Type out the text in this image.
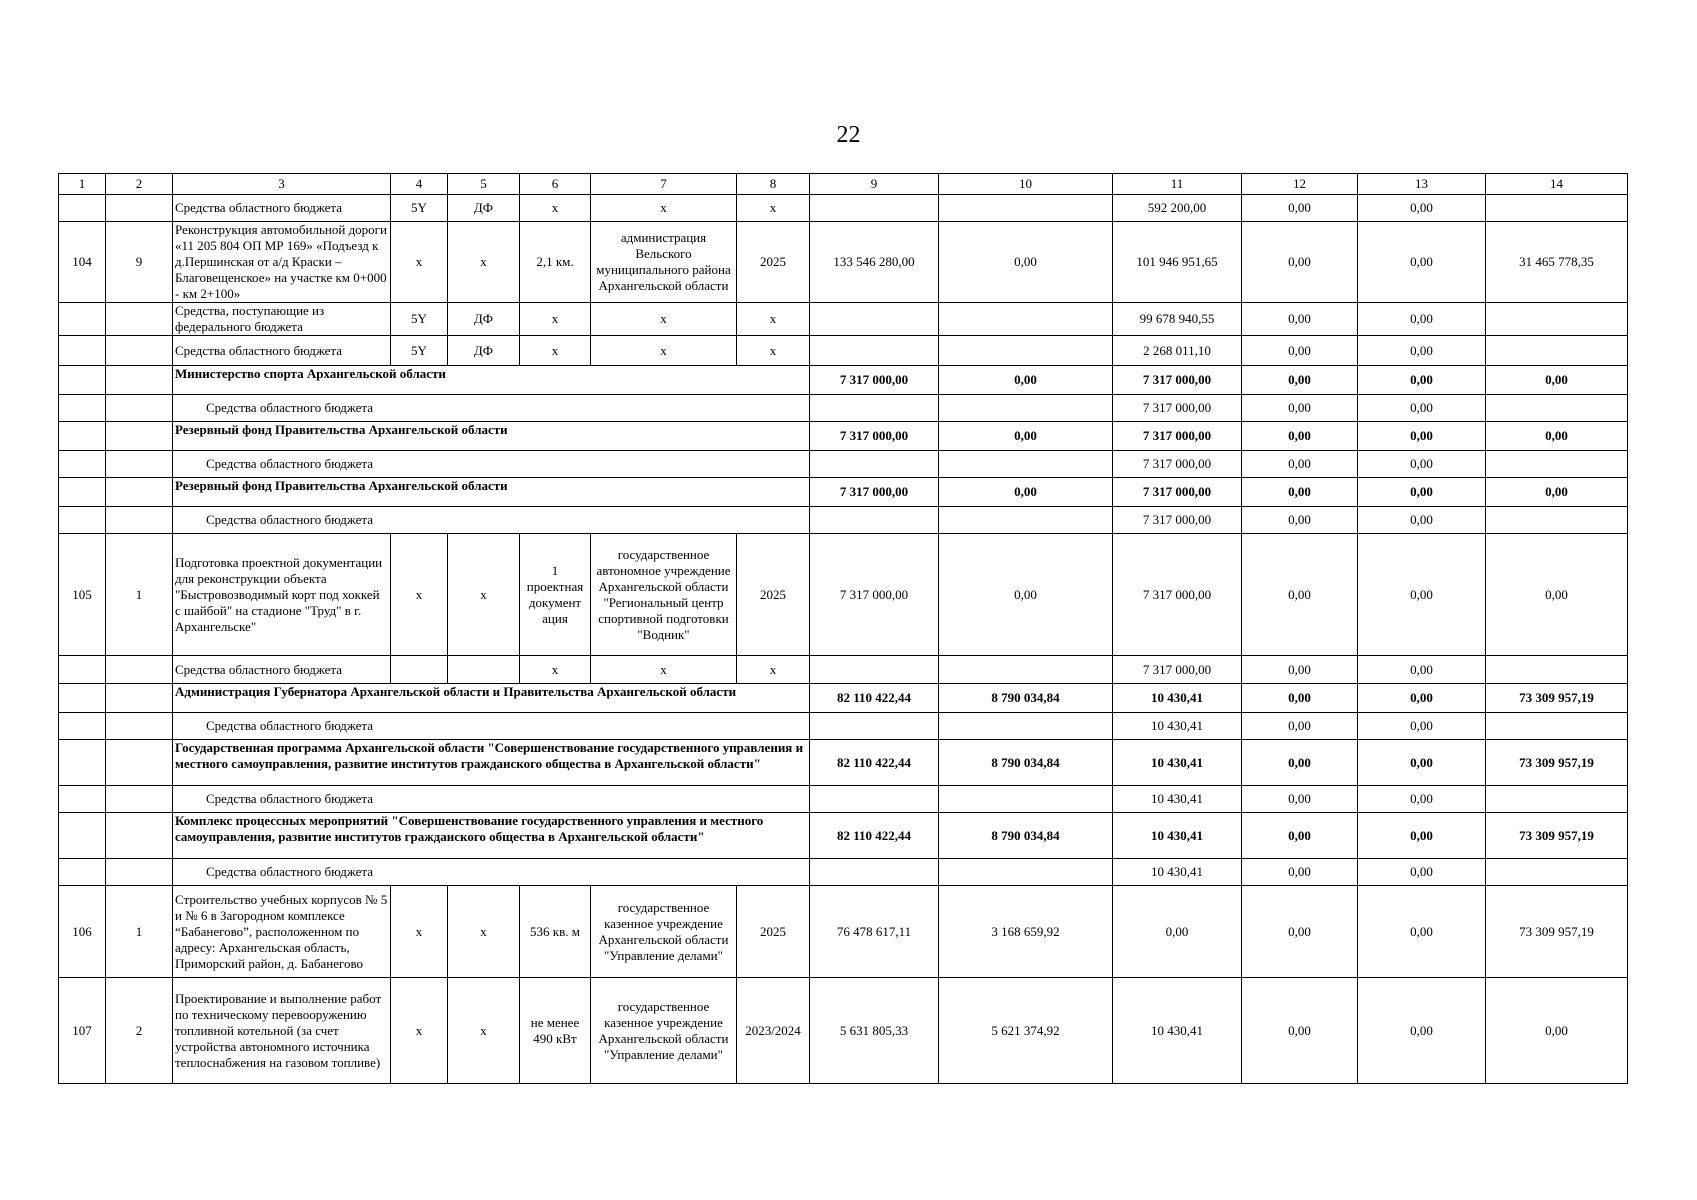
22
1	2	3	4	5	6	7	8	9	10	11	12	13	14
		Средства областного бюджета	5Y	ДФ	х	х	х			592 200,00	0,00	0,00	
104	9	Реконструкция автомобильной дороги «11 205 804 ОП МР 169» «Подъезд к д.Першинская от а/д Краски –Благовещенское» на участке км 0+000 - км 2+100»	х	х	2,1 км.	администрация Вельского муниципального района Архангельской области	2025	133 546 280,00	0,00	101 946 951,65	0,00	0,00	31 465 778,35
		Средства, поступающие из федерального бюджета	5Y	ДФ	х	х	х			99 678 940,55	0,00	0,00	
		Средства областного бюджета	5Y	ДФ	х	х	х			2 268 011,10	0,00	0,00	
		Министерство спорта Архангельской области						7 317 000,00	0,00	7 317 000,00	0,00	0,00	0,00
		Средства областного бюджета								7 317 000,00	0,00	0,00	
		Резервный фонд Правительства Архангельской области						7 317 000,00	0,00	7 317 000,00	0,00	0,00	0,00
		Средства областного бюджета								7 317 000,00	0,00	0,00	
		Резервный фонд Правительства Архангельской области						7 317 000,00	0,00	7 317 000,00	0,00	0,00	0,00
		Средства областного бюджета								7 317 000,00	0,00	0,00	
105	1	Подготовка проектной документации для реконструкции объекта "Быстровозводимый корт под хоккей с шайбой" на стадионе "Труд" в г. Архангельске"	х	х	1 проектная документ ация	государственное автономное учреждение Архангельской области "Региональный центр спортивной подготовки "Водник"	2025	7 317 000,00	0,00	7 317 000,00	0,00	0,00	0,00
		Средства областного бюджета			х	х	х			7 317 000,00	0,00	0,00	
		Администрация Губернатора Архангельской области и Правительства Архангельской области						82 110 422,44	8 790 034,84	10 430,41	0,00	0,00	73 309 957,19
		Средства областного бюджета								10 430,41	0,00	0,00	
		Государственная программа Архангельской области "Совершенствование государственного управления и местного самоуправления, развитие институтов гражданского общества в Архангельской области"						82 110 422,44	8 790 034,84	10 430,41	0,00	0,00	73 309 957,19
		Средства областного бюджета								10 430,41	0,00	0,00	
		Комплекс процессных мероприятий "Совершенствование государственного управления и местного самоуправления, развитие институтов гражданского общества в Архангельской области"						82 110 422,44	8 790 034,84	10 430,41	0,00	0,00	73 309 957,19
		Средства областного бюджета								10 430,41	0,00	0,00	
106	1	Строительство учебных корпусов № 5 и № 6 в Загородном комплексе “Бабанегово”, расположенном по адресу: Архангельская область, Приморский район, д. Бабанегово	х	х	536 кв. м	государственное казенное учреждение Архангельской области "Управление делами"	2025	76 478 617,11	3 168 659,92	0,00	0,00	0,00	73 309 957,19
107	2	Проектирование и выполнение работ по техническому перевооружению топливной котельной (за счет устройства автономного источника теплоснабжения на газовом топливе)	х	х	не менее 490 кВт	государственное казенное учреждение Архангельской области "Управление делами"	2023/2024	5 631 805,33	5 621 374,92	10 430,41	0,00	0,00	0,00
